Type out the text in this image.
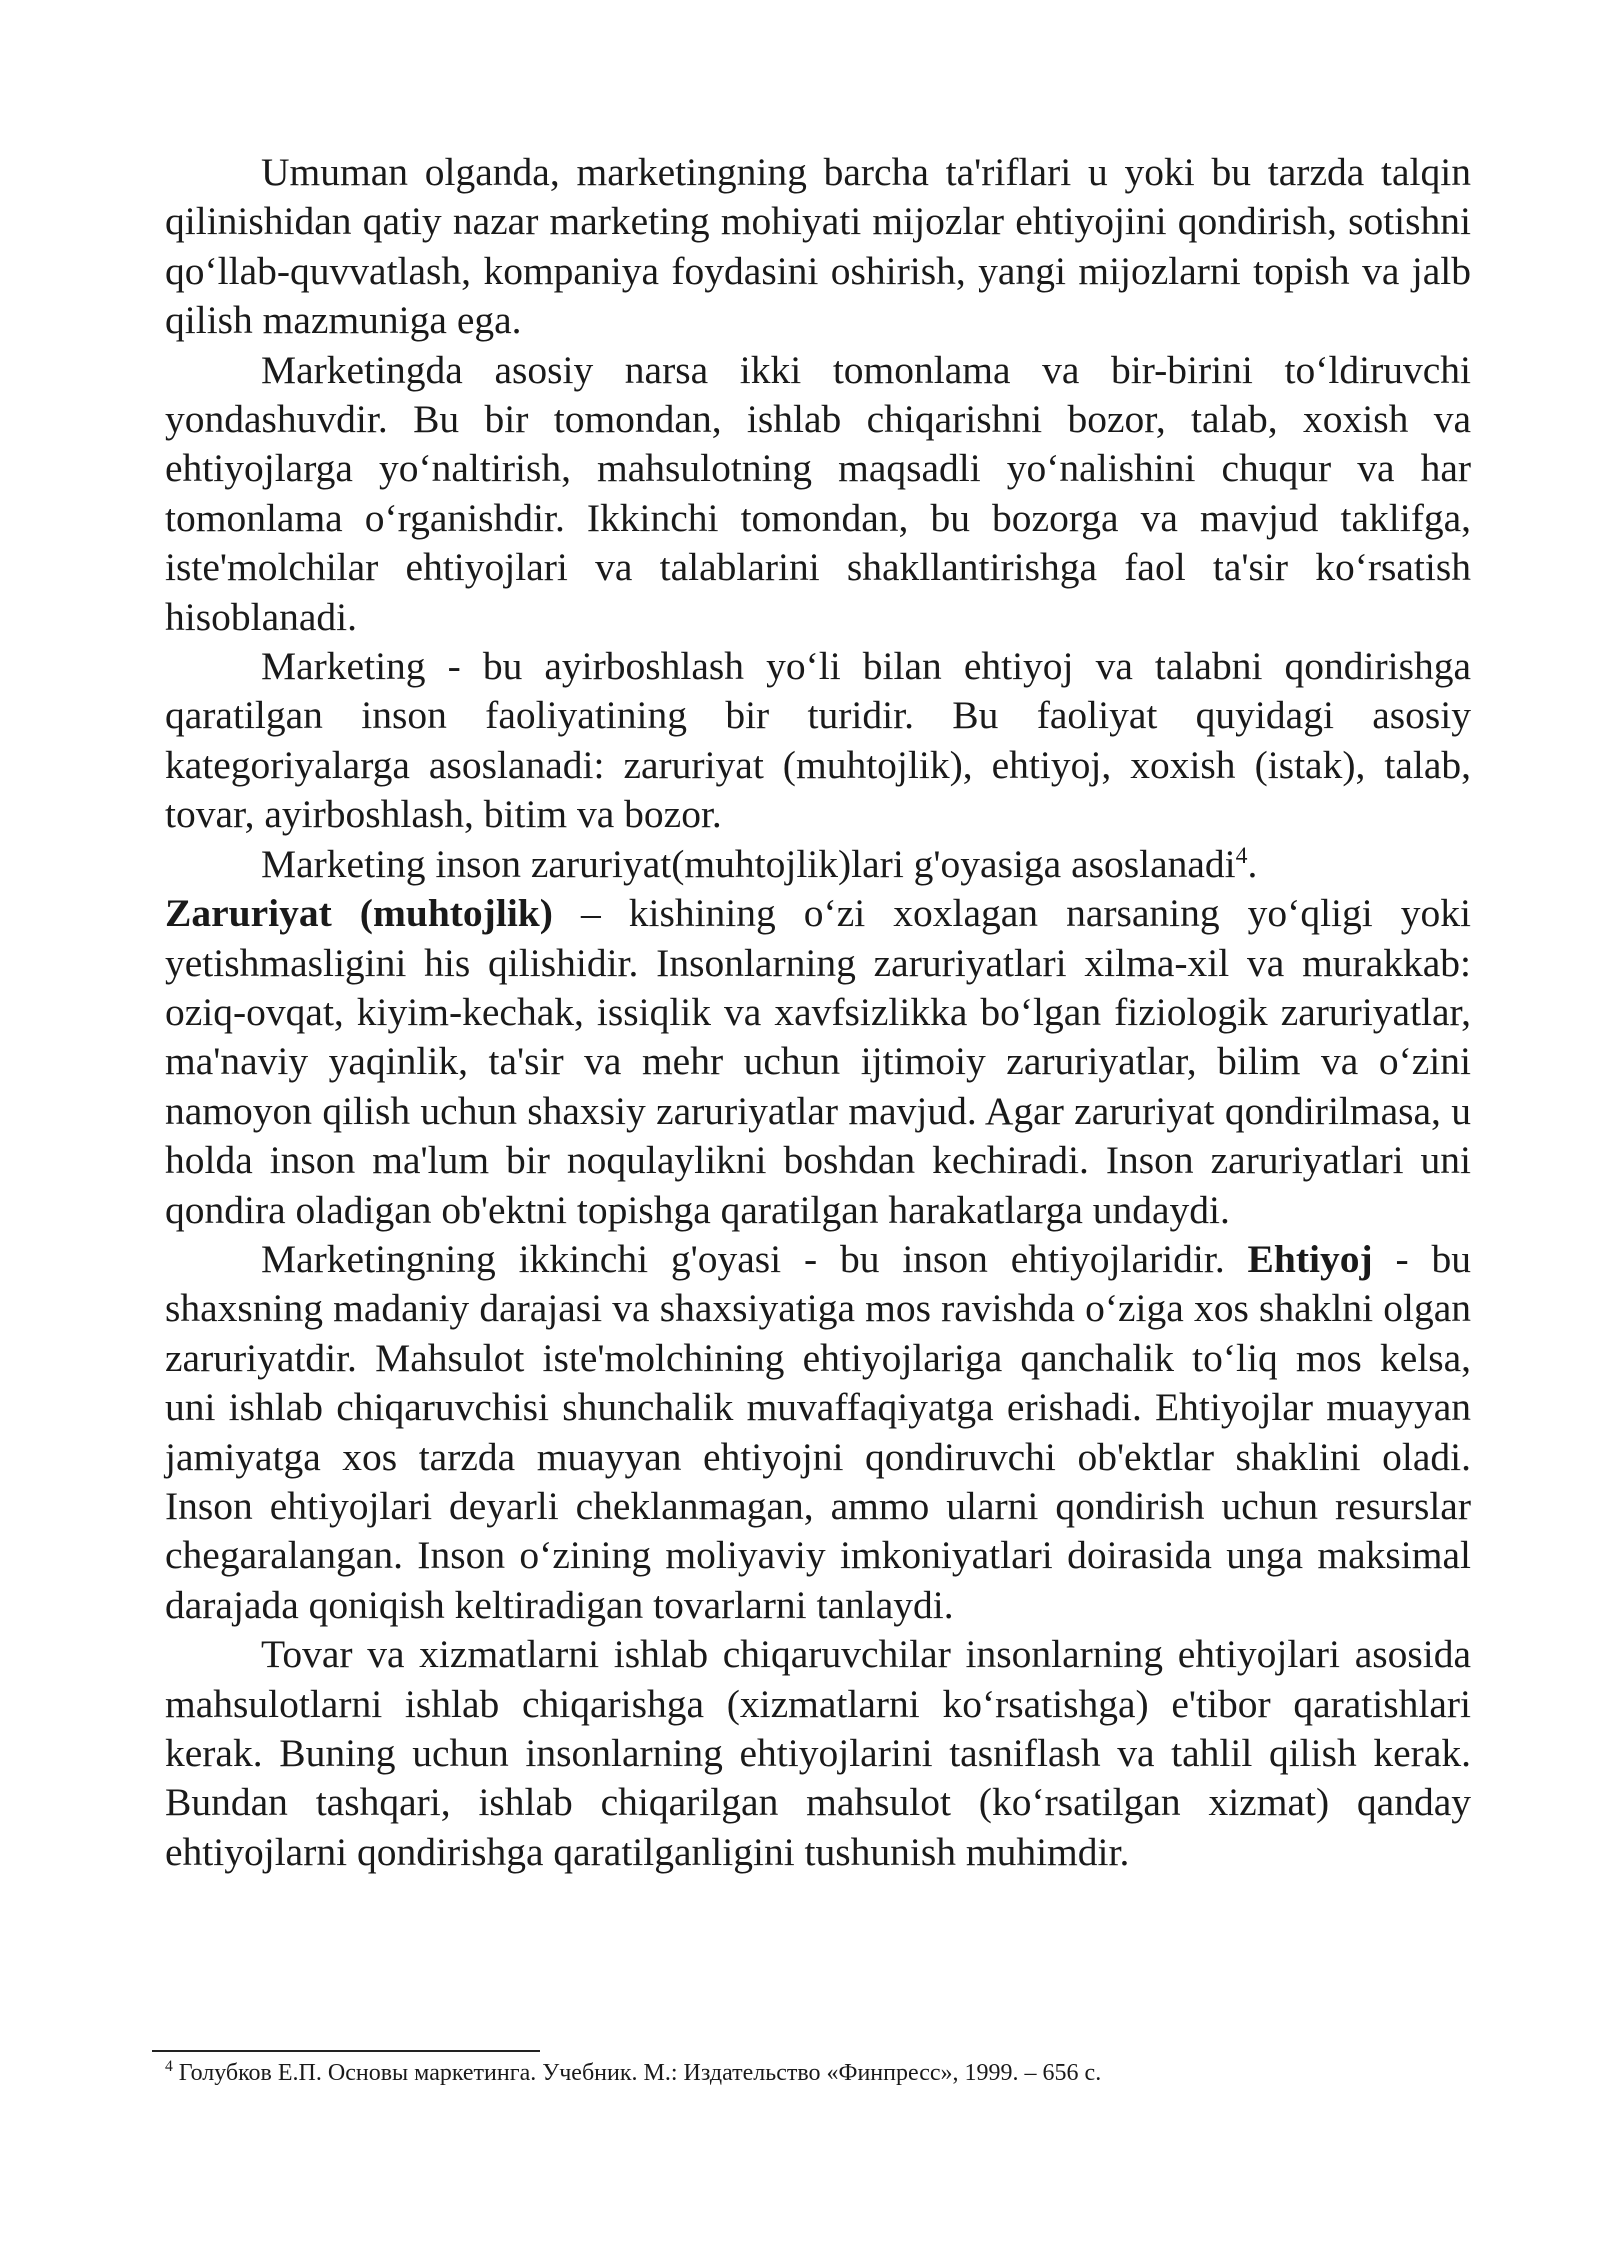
Umuman olganda, marketingning barcha ta'riflari u yoki bu tarzda talqin qilinishidan qatiy nazar marketing mohiyati mijozlar ehtiyojini qondirish, sotishni qo‘llab-quvvatlash, kompaniya foydasini oshirish, yangi mijozlarni topish va jalb qilish mazmuniga ega.

Marketingda asosiy narsa ikki tomonlama va bir-birini to‘ldiruvchi yondashuvdir. Bu bir tomondan, ishlab chiqarishni bozor, talab, xoxish va ehtiyojlarga yo‘naltirish, mahsulotning maqsadli yo‘nalishini chuqur va har tomonlama o‘rganishdir. Ikkinchi tomondan, bu bozorga va mavjud taklifga, iste'molchilar ehtiyojlari va talablarini shakllantirishga faol ta'sir ko‘rsatish hisoblanadi.

Marketing - bu ayirboshlash yo‘li bilan ehtiyoj va talabni qondirishga qaratilgan inson faoliyatining bir turidir. Bu faoliyat quyidagi asosiy kategoriyalarga asoslanadi: zaruriyat (muhtojlik), ehtiyoj, xoxish (istak), talab, tovar, ayirboshlash, bitim va bozor.

Marketing inson zaruriyat(muhtojlik)lari g'oyasiga asoslanadi$^4$.
Zaruriyat (muhtojlik) – kishining o‘zi xoxlagan narsaning yo‘qligi yoki yetishmasligini his qilishidir. Insonlarning zaruriyatlari xilma-xil va murakkab: oziq-ovqat, kiyim-kechak, issiqlik va xavfsizlikka bo‘lgan fiziologik zaruriyatlar, ma'naviy yaqinlik, ta'sir va mehr uchun ijtimoiy zaruriyatlar, bilim va o‘zini namoyon qilish uchun shaxsiy zaruriyatlar mavjud. Agar zaruriyat qondirilmasa, u holda inson ma'lum bir noqulaylikni boshdan kechiradi. Inson zaruriyatlari uni qondira oladigan ob'ektni topishga qaratilgan harakatlarga undaydi.

Marketingning ikkinchi g'oyasi - bu inson ehtiyojlaridir. Ehtiyoj - bu shaxsning madaniy darajasi va shaxsiyatiga mos ravishda o‘ziga xos shaklni olgan zaruriyatdir. Mahsulot iste'molchining ehtiyojlariga qanchalik to‘liq mos kelsa, uni ishlab chiqaruvchisi shunchalik muvaffaqiyatga erishadi. Ehtiyojlar muayyan jamiyatga xos tarzda muayyan ehtiyojni qondiruvchi ob'ektlar shaklini oladi. Inson ehtiyojlari deyarli cheklanmagan, ammo ularni qondirish uchun resurslar chegaralangan. Inson o‘zining moliyaviy imkoniyatlari doirasida unga maksimal darajada qoniqish keltiradigan tovarlarni tanlaydi.

Tovar va xizmatlarni ishlab chiqaruvchilar insonlarning ehtiyojlari asosida mahsulotlarni ishlab chiqarishga (xizmatlarni ko‘rsatishga) e'tibor qaratishlari kerak. Buning uchun insonlarning ehtiyojlarini tasniflash va tahlil qilish kerak. Bundan tashqari, ishlab chiqarilgan mahsulot (ko‘rsatilgan xizmat) qanday ehtiyojlarni qondirishga qaratilganligini tushunish muhimdir.

$^4$ Голубков Е.П. Основы маркетинга. Учебник. М.: Издательство «Финпресс», 1999. – 656 с.
